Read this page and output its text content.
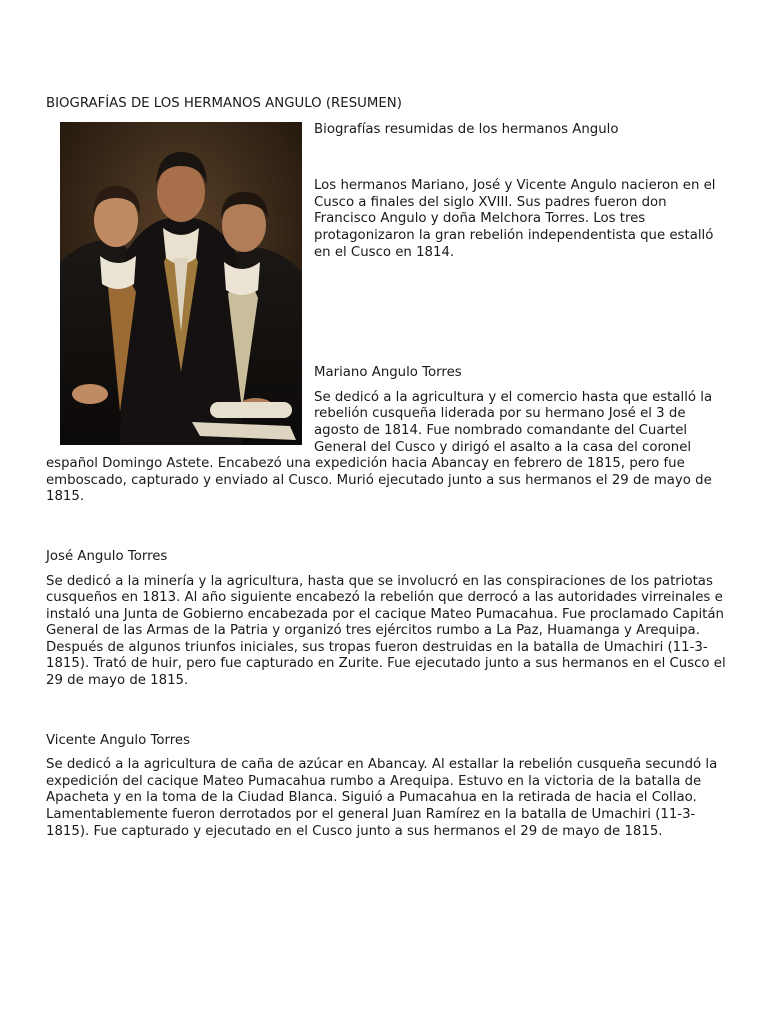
BIOGRAFÍAS DE LOS HERMANOS ANGULO (RESUMEN)

Biografías resumidas de los hermanos Angulo

Los hermanos Mariano, José y Vicente Angulo nacieron en el Cusco a finales del siglo XVIII. Sus padres fueron don Francisco Angulo y doña Melchora Torres. Los tres protagonizaron la gran rebelión independentista que estalló en el Cusco en 1814.

Mariano Angulo Torres

Se dedicó a la agricultura y el comercio hasta que estalló la rebelión cusqueña liderada por su hermano José el 3 de agosto de 1814. Fue nombrado comandante del Cuartel General del Cusco y dirigó el asalto a la casa del coronel español Domingo Astete. Encabezó una expedición hacia Abancay en febrero de 1815, pero fue emboscado, capturado y enviado al Cusco. Murió ejecutado junto a sus hermanos el 29 de mayo de 1815.

José Angulo Torres

Se dedicó a la minería y la agricultura, hasta que se involucró en las conspiraciones de los patriotas cusqueños en 1813. Al año siguiente encabezó la rebelión que derrocó a las autoridades virreinales e instaló una Junta de Gobierno encabezada por el cacique Mateo Pumacahua. Fue proclamado Capitán General de las Armas de la Patria y organizó tres ejércitos rumbo a La Paz, Huamanga y Arequipa. Después de algunos triunfos iniciales, sus tropas fueron destruidas en la batalla de Umachiri (11-3-1815). Trató de huir, pero fue capturado en Zurite. Fue ejecutado junto a sus hermanos en el Cusco el 29 de mayo de 1815.

Vicente Angulo Torres

Se dedicó a la agricultura de caña de azúcar en Abancay. Al estallar la rebelión cusqueña secundó la expedición del cacique Mateo Pumacahua rumbo a Arequipa. Estuvo en la victoria de la batalla de Apacheta y en la toma de la Ciudad Blanca. Siguió a Pumacahua en la retirada de hacia el Collao. Lamentablemente fueron derrotados por el general Juan Ramírez en la batalla de Umachiri (11-3-1815). Fue capturado y ejecutado en el Cusco junto a sus hermanos el 29 de mayo de 1815.
